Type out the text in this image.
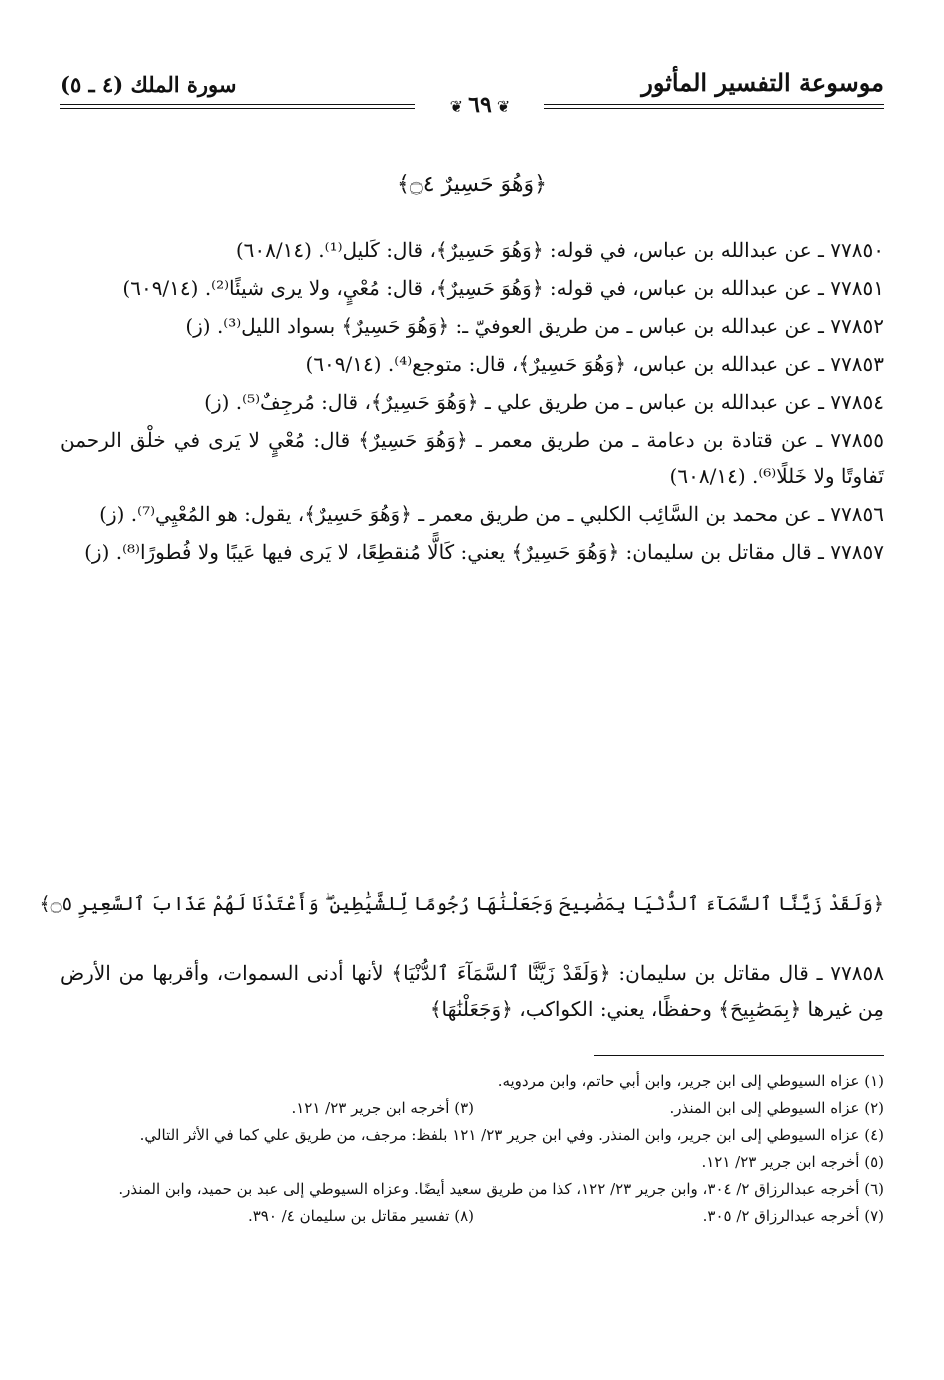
موسوعة التفسير المأثور
سورة الملك (٤ ـ ٥)
❦ ٦٩ ❦
﴿وَهُوَ حَسِيرٌ ۝٤﴾

٧٧٨٥٠ ـ عن عبدالله بن عباس، في قوله: ﴿وَهُوَ حَسِيرٌ﴾، قال: كَليل⁽¹⁾. (٦٠٨/١٤)

٧٧٨٥١ ـ عن عبدالله بن عباس، في قوله: ﴿وَهُوَ حَسِيرٌ﴾، قال: مُعْيٍ، ولا يرى شيئًا⁽²⁾. (٦٠٩/١٤)

٧٧٨٥٢ ـ عن عبدالله بن عباس ـ من طريق العوفيّ ـ: ﴿وَهُوَ حَسِيرٌ﴾ بسواد الليل⁽³⁾. (ز)

٧٧٨٥٣ ـ عن عبدالله بن عباس، ﴿وَهُوَ حَسِيرٌ﴾، قال: متوجع⁽⁴⁾. (٦٠٩/١٤)

٧٧٨٥٤ ـ عن عبدالله بن عباس ـ من طريق علي ـ ﴿وَهُوَ حَسِيرٌ﴾، قال: مُرجِفٌ⁽⁵⁾. (ز)

٧٧٨٥٥ ـ عن قتادة بن دعامة ـ من طريق معمر ـ ﴿وَهُوَ حَسِيرٌ﴾ قال: مُعْيٍ لا يَرى في خلْق الرحمن تَفاوتًا ولا خَللًا⁽⁶⁾. (٦٠٨/١٤)

٧٧٨٥٦ ـ عن محمد بن السَّائِب الكلبي ـ من طريق معمر ـ ﴿وَهُوَ حَسِيرٌ﴾، يقول: هو المُعْيِي⁽⁷⁾. (ز)

٧٧٨٥٧ ـ قال مقاتل بن سليمان: ﴿وَهُوَ حَسِيرٌ﴾ يعني: كَالًّا مُنقطِعًا، لا يَرى فيها عَيبًا ولا فُطورًا⁽⁸⁾. (ز)

﴿وَلَقَدْ زَيَّنَّا ٱلسَّمَآءَ ٱلدُّنْيَا بِمَصَٰبِيحَ وَجَعَلْنَٰهَا رُجُومًا لِّلشَّيَٰطِينِ ۖ وَأَعْتَدْنَا لَهُمْ عَذَابَ ٱلسَّعِيرِ ۝٥﴾

٧٧٨٥٨ ـ قال مقاتل بن سليمان: ﴿وَلَقَدْ زَيَّنَّا ٱلسَّمَآءَ ٱلدُّنْيَا﴾ لأنها أدنى السموات، وأقربها من الأرض مِن غيرها ﴿بِمَصَٰبِيحَ﴾ وحفظًا، يعني: الكواكب، ﴿وَجَعَلْنَٰهَا﴾

(١) عزاه السيوطي إلى ابن جرير، وابن أبي حاتم، وابن مردويه.
(٢) عزاه السيوطي إلى ابن المنذر.
(٣) أخرجه ابن جرير ٢٣/ ١٢١.
(٤) عزاه السيوطي إلى ابن جرير، وابن المنذر. وفي ابن جرير ٢٣/ ١٢١ بلفظ: مرجف، من طريق علي كما في الأثر التالي.
(٥) أخرجه ابن جرير ٢٣/ ١٢١.
(٦) أخرجه عبدالرزاق ٢/ ٣٠٤، وابن جرير ٢٣/ ١٢٢، كذا من طريق سعيد أيضًا. وعزاه السيوطي إلى عبد بن حميد، وابن المنذر.
(٧) أخرجه عبدالرزاق ٢/ ٣٠٥.
(٨) تفسير مقاتل بن سليمان ٤/ ٣٩٠.
